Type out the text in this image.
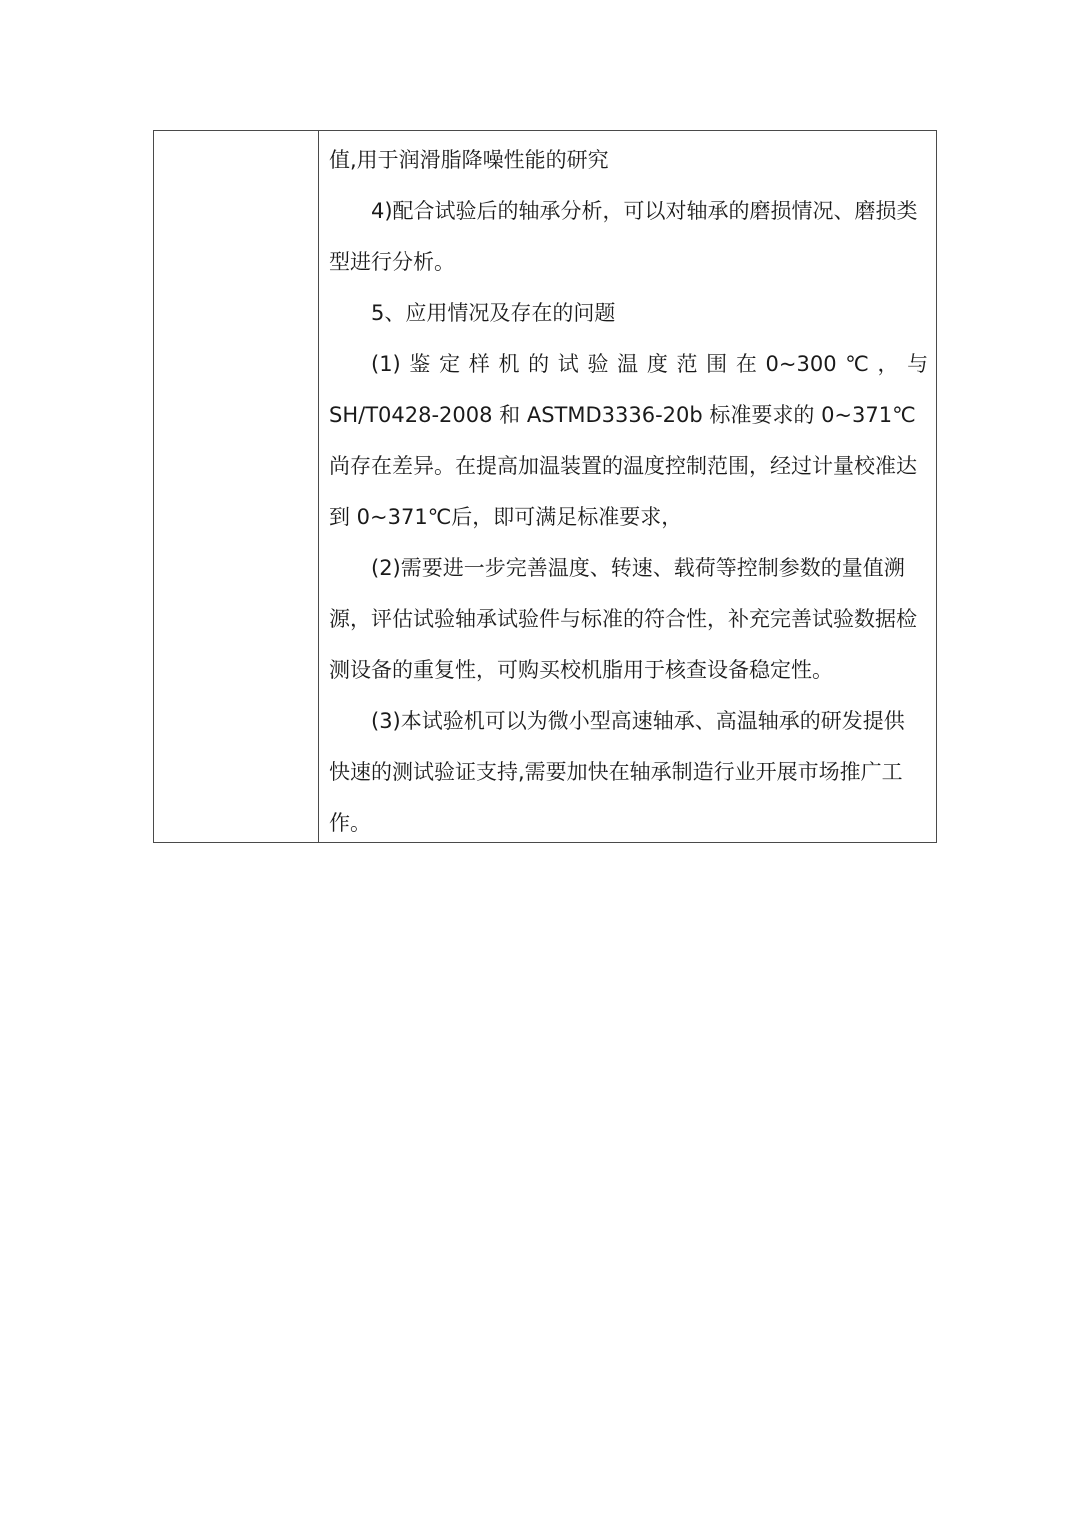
值,用于润滑脂降噪性能的研究
4)配合试验后的轴承分析，可以对轴承的磨损情况、磨损类
型进行分析。
5、应用情况及存在的问题
(1) 鉴 定 样 机 的 试 验 温 度 范 围 在 0~300 ℃ ， 与
SH/T0428-2008 和 ASTMD3336-20b 标准要求的 0~371℃
尚存在差异。在提高加温装置的温度控制范围，经过计量校准达
到 0~371℃后，即可满足标准要求，
(2)需要进一步完善温度、转速、载荷等控制参数的量值溯
源，评估试验轴承试验件与标准的符合性，补充完善试验数据检
测设备的重复性，可购买校机脂用于核查设备稳定性。
(3)本试验机可以为微小型高速轴承、高温轴承的研发提供
快速的测试验证支持,需要加快在轴承制造行业开展市场推广工
作。
